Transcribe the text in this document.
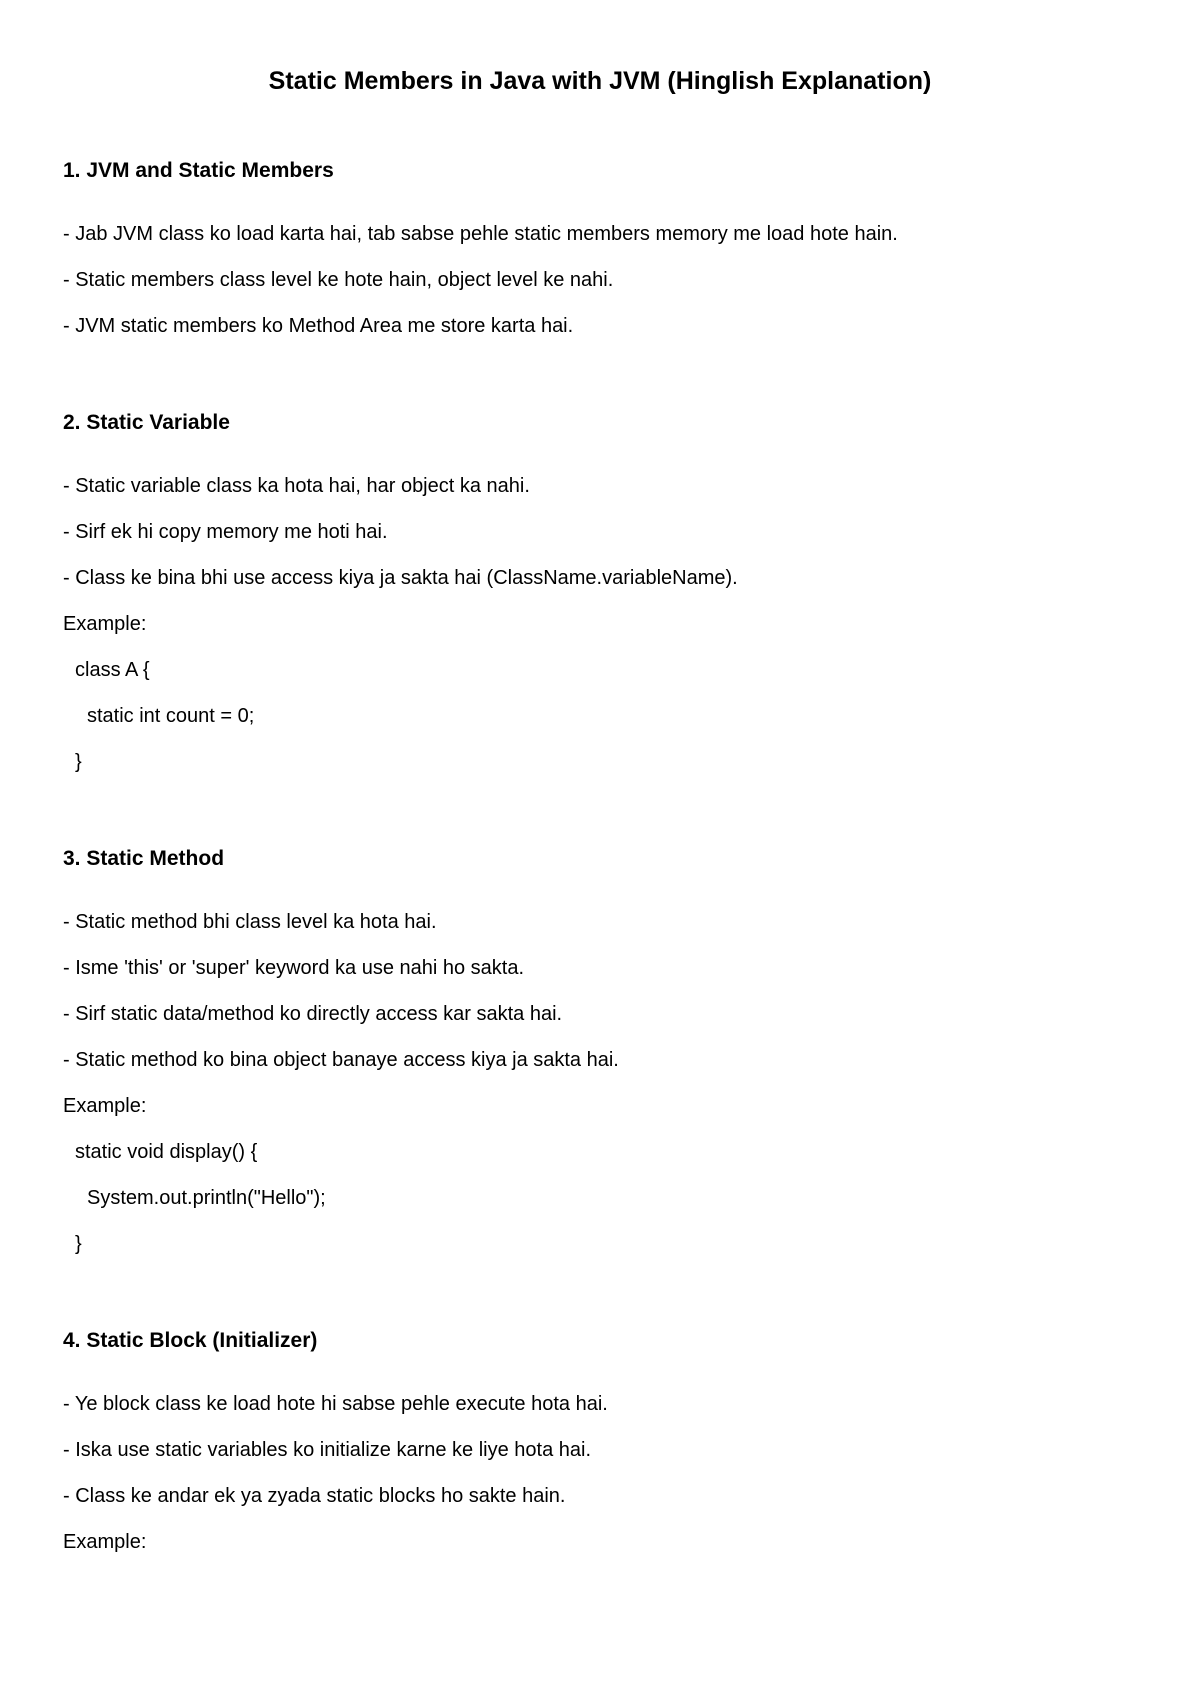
Static Members in Java with JVM (Hinglish Explanation)
1. JVM and Static Members
- Jab JVM class ko load karta hai, tab sabse pehle static members memory me load hote hain.
- Static members class level ke hote hain, object level ke nahi.
- JVM static members ko Method Area me store karta hai.
2. Static Variable
- Static variable class ka hota hai, har object ka nahi.
- Sirf ek hi copy memory me hoti hai.
- Class ke bina bhi use access kiya ja sakta hai (ClassName.variableName).
Example:
class A {
static int count = 0;
}
3. Static Method
- Static method bhi class level ka hota hai.
- Isme 'this' or 'super' keyword ka use nahi ho sakta.
- Sirf static data/method ko directly access kar sakta hai.
- Static method ko bina object banaye access kiya ja sakta hai.
Example:
static void display() {
System.out.println("Hello");
}
4. Static Block (Initializer)
- Ye block class ke load hote hi sabse pehle execute hota hai.
- Iska use static variables ko initialize karne ke liye hota hai.
- Class ke andar ek ya zyada static blocks ho sakte hain.
Example:
